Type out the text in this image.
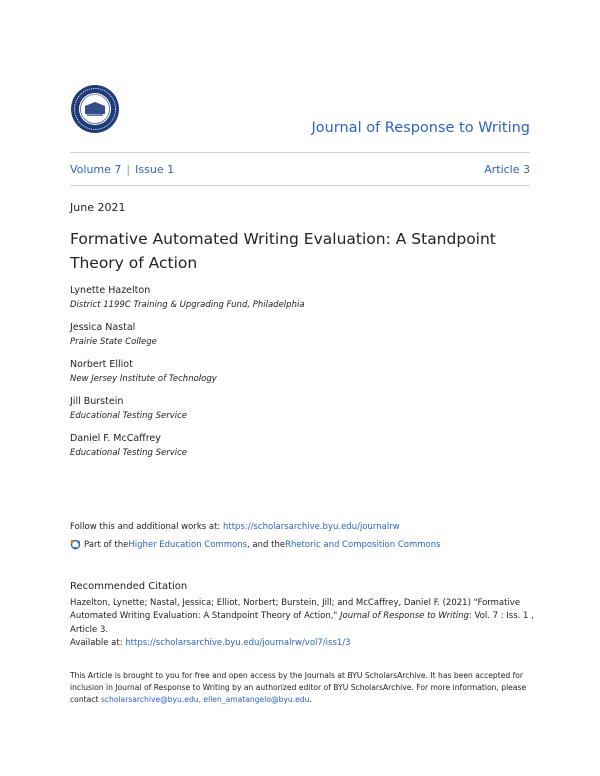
Journal of Response to Writing
Volume 7 | Issue 1	Article 3
June 2021
Formative Automated Writing Evaluation: A Standpoint Theory of Action
Lynette Hazelton
District 1199C Training & Upgrading Fund, Philadelphia
Jessica Nastal
Prairie State College
Norbert Elliot
New Jersey Institute of Technology
Jill Burstein
Educational Testing Service
Daniel F. McCaffrey
Educational Testing Service
Follow this and additional works at: https://scholarsarchive.byu.edu/journalrw
Part of the Higher Education Commons , and the Rhetoric and Composition Commons
Recommended Citation
Hazelton, Lynette; Nastal, Jessica; Elliot, Norbert; Burstein, Jill; and McCaffrey, Daniel F. (2021) "Formative Automated Writing Evaluation: A Standpoint Theory of Action," Journal of Response to Writing: Vol. 7 : Iss. 1 , Article 3.
Available at: https://scholarsarchive.byu.edu/journalrw/vol7/iss1/3
This Article is brought to you for free and open access by the Journals at BYU ScholarsArchive. It has been accepted for inclusion in Journal of Response to Writing by an authorized editor of BYU ScholarsArchive. For more information, please contact scholarsarchive@byu.edu, ellen_amatangelo@byu.edu.
